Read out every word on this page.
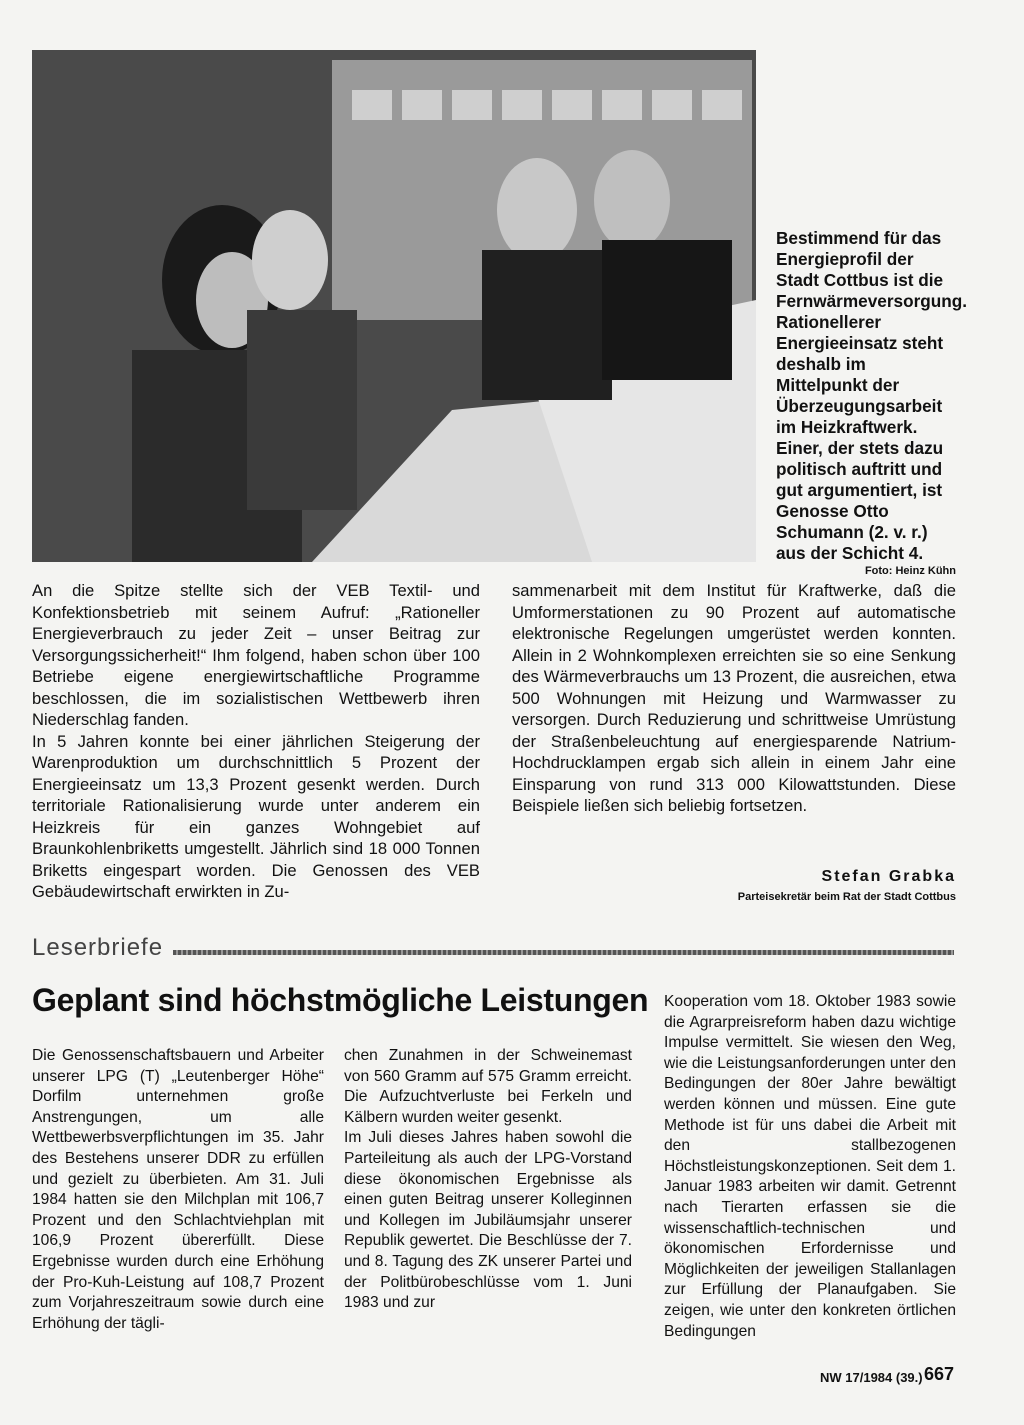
Bestimmend für das Energieprofil der Stadt Cottbus ist die Fernwärmeversorgung. Rationellerer Energieeinsatz steht deshalb im Mittelpunkt der Überzeugungsarbeit im Heizkraftwerk. Einer, der stets dazu politisch auftritt und gut argumentiert, ist Genosse Otto Schumann (2. v. r.) aus der Schicht 4.
Foto: Heinz Kühn

An die Spitze stellte sich der VEB Textil- und Konfektionsbetrieb mit seinem Aufruf: „Rationeller Energieverbrauch zu jeder Zeit – unser Beitrag zur Versorgungssicherheit!“ Ihm folgend, haben schon über 100 Betriebe eigene energiewirtschaftliche Programme beschlossen, die im sozialistischen Wettbewerb ihren Niederschlag fanden.

In 5 Jahren konnte bei einer jährlichen Steigerung der Warenproduktion um durchschnittlich 5 Prozent der Energieeinsatz um 13,3 Prozent gesenkt werden. Durch territoriale Rationalisierung wurde unter anderem ein Heizkreis für ein ganzes Wohngebiet auf Braunkohlenbriketts umgestellt. Jährlich sind 18 000 Tonnen Briketts eingespart worden. Die Genossen des VEB Gebäudewirtschaft erwirkten in Zu-

sammenarbeit mit dem Institut für Kraftwerke, daß die Umformerstationen zu 90 Prozent auf automatische elektronische Regelungen umgerüstet werden konnten. Allein in 2 Wohnkomplexen erreichten sie so eine Senkung des Wärmeverbrauchs um 13 Prozent, die ausreichen, etwa 500 Wohnungen mit Heizung und Warmwasser zu versorgen. Durch Reduzierung und schrittweise Umrüstung der Straßenbeleuchtung auf energiesparende Natrium-Hochdrucklampen ergab sich allein in einem Jahr eine Einsparung von rund 313 000 Kilowattstunden. Diese Beispiele ließen sich beliebig fortsetzen.

Stefan Grabka
Parteisekretär beim Rat der Stadt Cottbus
Leserbriefe
Geplant sind höchstmögliche Leistungen

Die Genossenschaftsbauern und Arbeiter unserer LPG (T) „Leutenberger Höhe“ Dorfilm unternehmen große Anstrengungen, um alle Wettbewerbsverpflichtungen im 35. Jahr des Bestehens unserer DDR zu erfüllen und gezielt zu überbieten. Am 31. Juli 1984 hatten sie den Milchplan mit 106,7 Prozent und den Schlachtviehplan mit 106,9 Prozent übererfüllt. Diese Ergebnisse wurden durch eine Erhöhung der Pro-Kuh-Leistung auf 108,7 Prozent zum Vorjahreszeitraum sowie durch eine Erhöhung der tägli-

chen Zunahmen in der Schweinemast von 560 Gramm auf 575 Gramm erreicht. Die Aufzuchtverluste bei Ferkeln und Kälbern wurden weiter gesenkt.

Im Juli dieses Jahres haben sowohl die Parteileitung als auch der LPG-Vorstand diese ökonomischen Ergebnisse als einen guten Beitrag unserer Kolleginnen und Kollegen im Jubiläumsjahr unserer Republik gewertet. Die Beschlüsse der 7. und 8. Tagung des ZK unserer Partei und der Politbürobeschlüsse vom 1. Juni 1983 und zur

Kooperation vom 18. Oktober 1983 sowie die Agrarpreisreform haben dazu wichtige Impulse vermittelt. Sie wiesen den Weg, wie die Leistungsanforderungen unter den Bedingungen der 80er Jahre bewältigt werden können und müssen. Eine gute Methode ist für uns dabei die Arbeit mit den stallbezogenen Höchstleistungskonzeptionen. Seit dem 1. Januar 1983 arbeiten wir damit. Getrennt nach Tierarten erfassen sie die wissenschaftlich-technischen und ökonomischen Erfordernisse und Möglichkeiten der jeweiligen Stallanlagen zur Erfüllung der Planaufgaben. Sie zeigen, wie unter den konkreten örtlichen Bedingungen

NW 17/1984 (39.) 667
